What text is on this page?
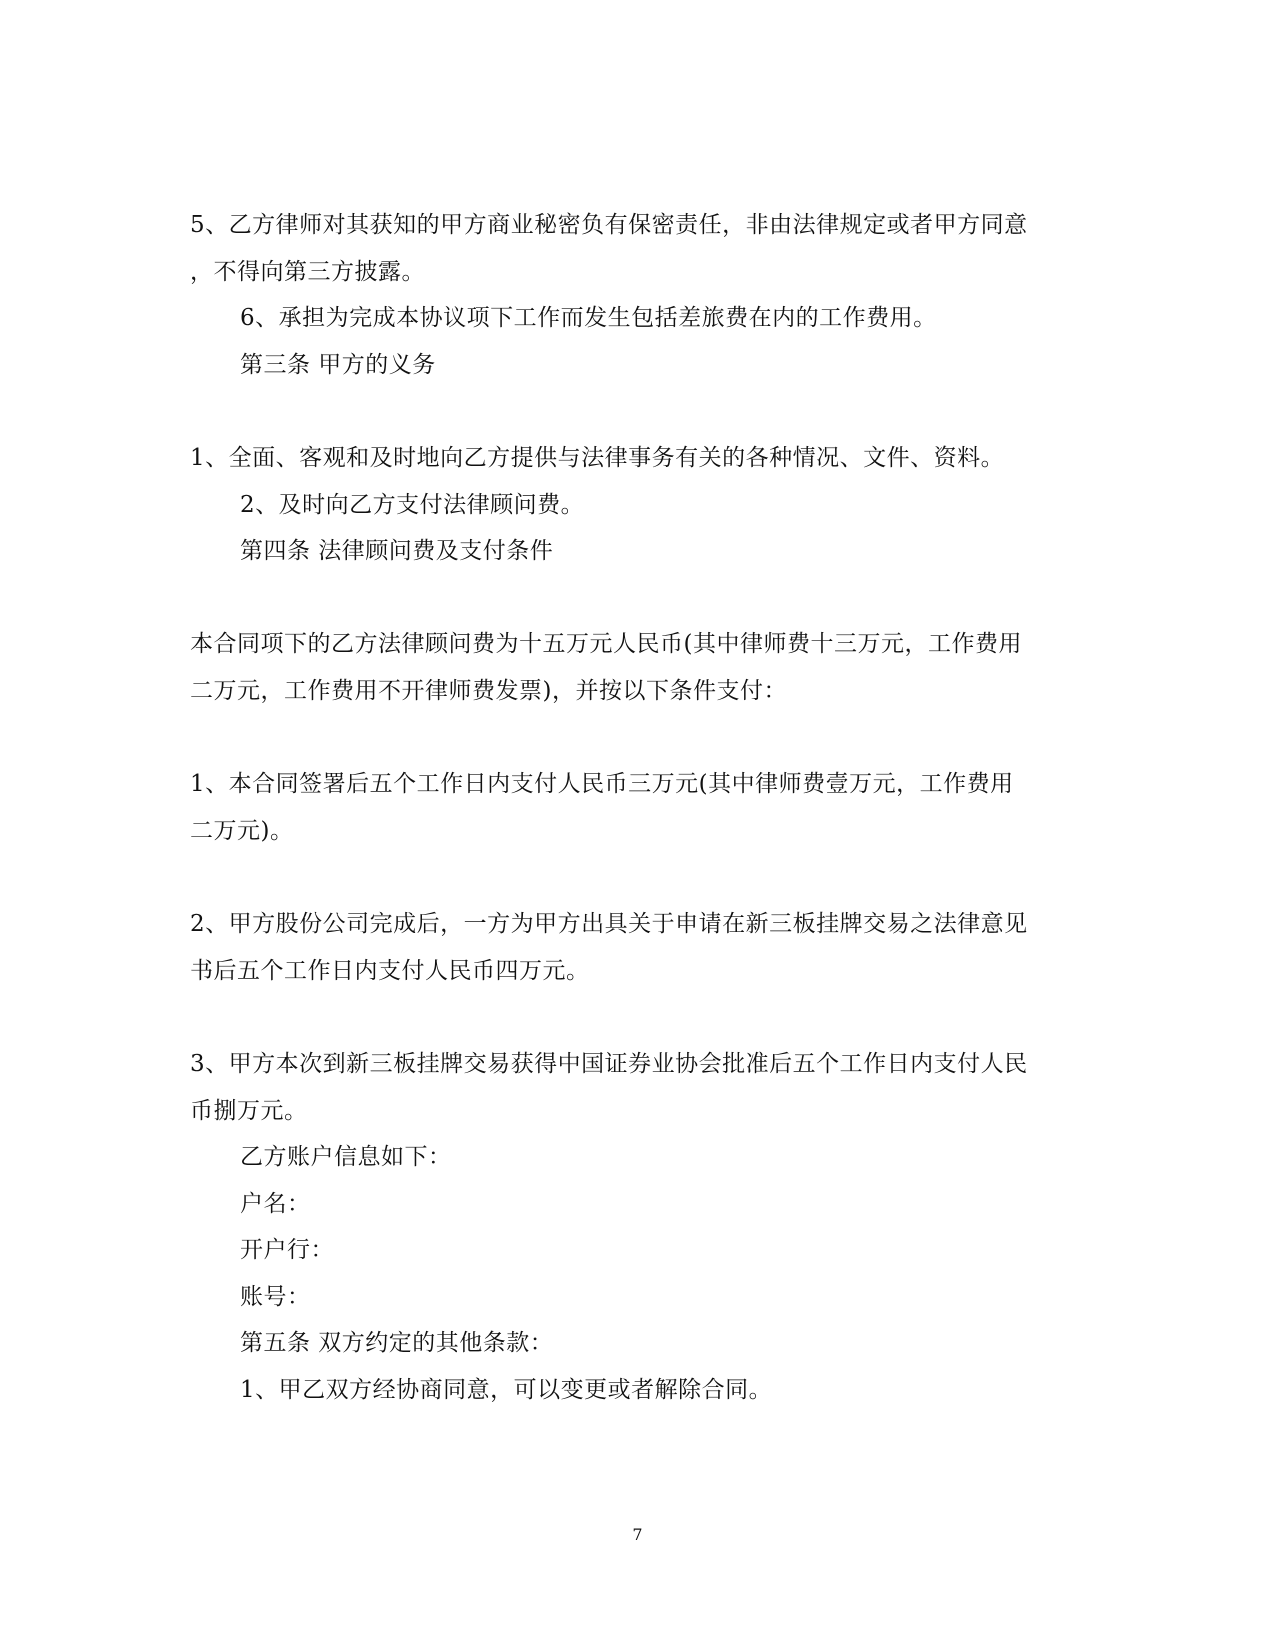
5、乙方律师对其获知的甲方商业秘密负有保密责任，非由法律规定或者甲方同意
，不得向第三方披露。
6、承担为完成本协议项下工作而发生包括差旅费在内的工作费用。
第三条 甲方的义务
1、全面、客观和及时地向乙方提供与法律事务有关的各种情况、文件、资料。
2、及时向乙方支付法律顾问费。
第四条 法律顾问费及支付条件
本合同项下的乙方法律顾问费为十五万元人民币(其中律师费十三万元，工作费用
二万元，工作费用不开律师费发票)，并按以下条件支付：
1、本合同签署后五个工作日内支付人民币三万元(其中律师费壹万元，工作费用
二万元)。
2、甲方股份公司完成后，一方为甲方出具关于申请在新三板挂牌交易之法律意见
书后五个工作日内支付人民币四万元。
3、甲方本次到新三板挂牌交易获得中国证券业协会批准后五个工作日内支付人民
币捌万元。
乙方账户信息如下：
户名：
开户行：
账号：
第五条 双方约定的其他条款：
1、甲乙双方经协商同意，可以变更或者解除合同。
7
